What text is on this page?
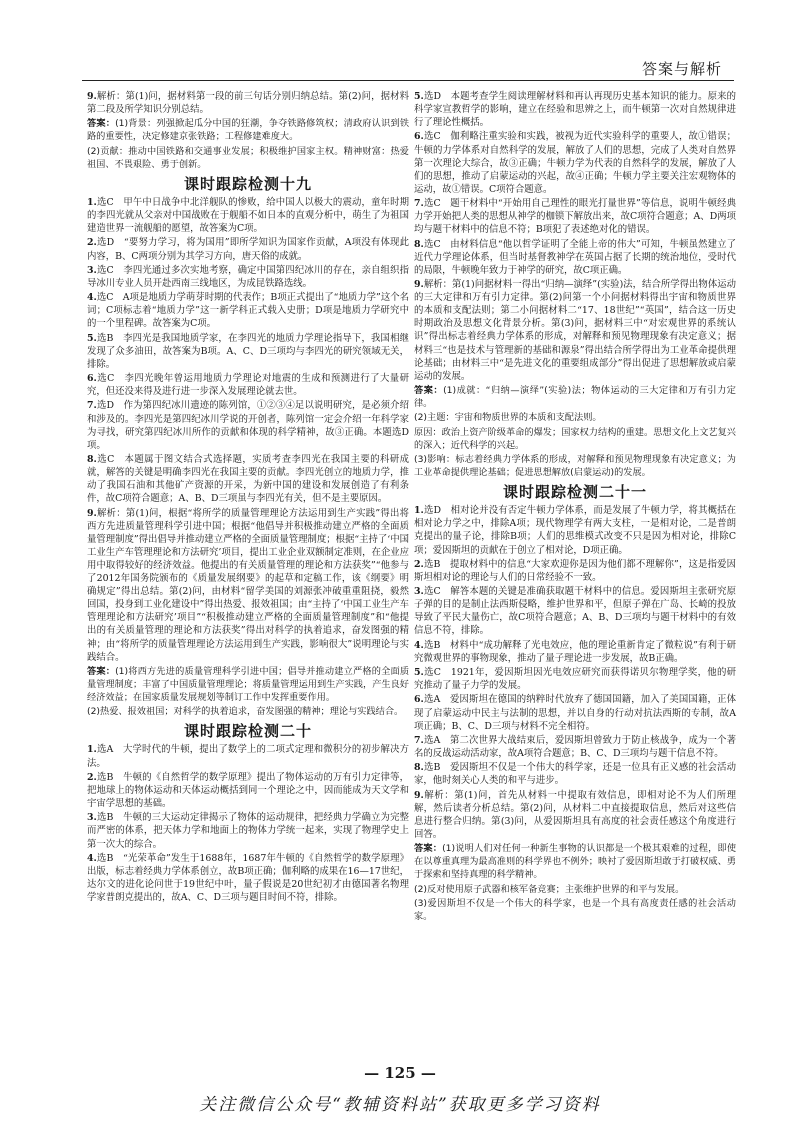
答案与解析
9.解析：第(1)问，据材料第一段的前三句话分别归纳总结。第(2)问，据材料第二段及所学知识分别总结。
答案：(1)背景：列强掀起瓜分中国的狂潮，争夺铁路修筑权；清政府认识到铁路的重要性，决定修建京张铁路；工程修建难度大。
(2)贡献：推动中国铁路和交通事业发展；积极维护国家主权。精神财富：热爱祖国、不畏艰险、勇于创新。
课时跟踪检测十九
1.选C　甲午中日战争中北洋舰队的惨败，给中国人以极大的震动，童年时期的李四光就从父亲对中国战败在于舰船不如日本的直观分析中，萌生了为祖国建造世界一流舰船的愿望，故答案为C项。
2.选D　“要努力学习，将为国用”即所学知识为国家作贡献，A项没有体现此内容，B、C两项分别为其学习方向，唐天俗的成就。
3.选C　李四光通过多次实地考察，确定中国第四纪冰川的存在，亲自组织指导冰川专业人员开赴西南三线地区，为成昆铁路选线。
4.选C　A项是地质力学萌芽时期的代表作；B项正式提出了“地质力学”这个名词；C项标志着“地质力学”这一新学科正式载入史册；D项是地质力学研究中的一个里程碑。故答案为C项。
5.选B　李四光是我国地质学家，在李四光的地质力学理论指导下，我国相继发现了众多油田，故答案为B项。A、C、D三项均与李四光的研究领域无关，排除。
6.选C　李四光晚年曾运用地质力学理论对地震的生成和预测进行了大量研究，但还没来得及进行进一步深入发展理论就去世。
7.选D　作为第四纪冰川遗迹的陈列馆，①②③④足以说明研究，是必须介绍和涉及的。李四光是第四纪冰川学说的开创者，陈列馆一定会介绍一年科学家为寻找，研究第四纪冰川所作的贡献和体现的科学精神，故③正确。本题选D项。
8.选C　本题属于图文结合式选择题，实质考查李四光在我国主要的科研成就，解答的关键是明确李四光在我国主要的贡献。李四光创立的地质力学，推动了我国石油和其他矿产资源的开采，为新中国的建设和发展创造了有利条件，故C项符合题意；A、B、D三项虽与李四光有关，但不是主要原因。
9.解析：第(1)问，根据“将所学的质量管理理论方法运用到生产实践”得出将西方先进质量管理科学引进中国；根据“他倡导并积极推动建立严格的全面质量管理制度”得出倡导并推动建立严格的全面质量管理制度；根据“主持了‘中国工业生产车管理理论和方法研究’项目，提出工业企业双额制定准则，在企业应用中取得较好的经济效益。他提出的有关质量管理的理论和方法获奖”“他参与了2012年国务院颁布的《质量发展纲要》的起草和定稿工作，该《纲要》明确规定”得出总结。第(2)问，由材料“留学美国的刘源张冲破重重阻挠，毅然回国，投身到工业化建设中”得出热爱、报效祖国；由“主持了‘中国工业生产车管理理论和方法研究’项目”“积极推动建立严格的全面质量管理制度”和“他提出的有关质量管理的理论和方法获奖”得出对科学的执着追求，奋发图强的精神；由“将所学的质量管理理论方法运用到生产实践，影响很大”说明理论与实践结合。
答案：(1)将西方先进的质量管理科学引进中国；倡导并推动建立严格的全面质量管理制度；丰富了中国质量管理理论；将质量管理运用到生产实践，产生良好经济效益；在国家质量发展规划等制订工作中发挥重要作用。
(2)热爱、报效祖国；对科学的执着追求，奋发图强的精神；理论与实践结合。
课时跟踪检测二十
1.选A　大学时代的牛顿，提出了数学上的二项式定理和微积分的初步解决方法。
2.选B　牛顿的《自然哲学的数学原理》提出了物体运动的万有引力定律等，把地球上的物体运动和天体运动概括到同一个理论之中，因而能成为天文学和宇宙学思想的基础。
3.选B　牛顿的三大运动定律揭示了物体的运动规律，把经典力学确立为完整而严密的体系，把天体力学和地面上的物体力学统一起来，实现了物理学史上第一次大的综合。
4.选B　“光荣革命”发生于1688年，1687年牛顿的《自然哲学的数学原理》出版，标志着经典力学体系创立，故B项正确；伽利略的成果在16—17世纪，达尔文的进化论问世于19世纪中叶，量子假说是20世纪初才由德国著名物理学家普朗克提出的，故A、C、D三项与题目时间不符，排除。
5.选D　本题考查学生阅读理解材料和再认再现历史基本知识的能力。原来的科学家宣教哲学的影响，建立在经验和思辨之上，而牛顿第一次对自然规律进行了理论性概括。
6.选C　伽利略注重实验和实践，被视为近代实验科学的重要人，故①错误；牛顿的力学体系对自然科学的发展，解放了人们的思想，完成了人类对自然界第一次理论大综合，故③正确；牛顿力学为代表的自然科学的发展，解放了人们的思想，推动了启蒙运动的兴起，故④正确；牛顿力学主要关注宏观物体的运动，故①错误。C项符合题意。
7.选C　题干材料中“开始用自己理性的眼光打量世界”等信息，说明牛顿经典力学开始把人类的思想从神学的枷锁下解放出来，故C项符合题意；A、D两项均与题干材料中的信息不符；B项犯了表述绝对化的错误。
8.选C　由材料信息“他以哲学证明了全能上帝的伟大”可知，牛顿虽然建立了近代力学理论体系，但当时基督教神学在英国占据了长期的统治地位，受时代的局限，牛顿晚年致力于神学的研究，故C项正确。
9.解析：第(1)问据材料一得出“归纳—演绎”(实验)法，结合所学得出物体运动的三大定律和万有引力定律。第(2)问第一个小问据材料得出宇宙和物质世界的本质和支配法则；第二小问据材料二“17、18世纪”“英国”，结合这一历史时期政治及思想文化背景分析。第(3)问，据材料三中“对宏观世界的系统认识”得出标志着经典力学体系的形成，对解释和预见物理现象有决定意义；据材料三“也是技术与管理新的基础和源泉”得出结合所学得出为工业革命提供理论基础；由材料三中“是先进文化的重要组成部分”得出促进了思想解放或启蒙运动的发展。
答案：(1)成就：“归纳—演绎”(实验)法；物体运动的三大定律和万有引力定律。
(2)主题：宇宙和物质世界的本质和支配法则。
原因：政治上资产阶级革命的爆发；国家权力结构的重建。思想文化上文艺复兴的深入；近代科学的兴起。
(3)影响：标志着经典力学体系的形成，对解释和预见物理现象有决定意义；为工业革命提供理论基础；促进思想解放(启蒙运动)的发展。
课时跟踪检测二十一
1.选D　相对论并没有否定牛顿力学体系，而是发展了牛顿力学，将其概括在相对论力学之中，排除A项；现代物理学有两大支柱，一是相对论，二是普朗克提出的量子论，排除B项；人们的思维模式改变不只是因为相对论，排除C项；爱因斯坦的贡献在于创立了相对论，D项正确。
2.选B　提取材料中的信息“大家欢迎你是因为他们都不理解你”，这是指爱因斯坦相对论的理论与人们的日常经验不一致。
3.选C　解答本题的关键是准确获取题干材料中的信息。爱因斯坦主张研究原子弹的目的是制止法西斯侵略，维护世界和平，但原子弹在广岛、长崎的投放导致了平民大量伤亡，故C项符合题意；A、B、D三项均与题干材料中的有效信息不符，排除。
4.选B　材料中“成功解释了光电效应，他的理论重新肯定了微粒说”有利于研究微观世界的事物现象，推动了量子理论进一步发展，故B正确。
5.选C　1921年，爱因斯坦因光电效应研究而获得诺贝尔物理学奖，他的研究推动了量子力学的发展。
6.选A　爱因斯坦在德国的纳粹时代放弃了德国国籍，加入了美国国籍，正体现了启蒙运动中民主与法制的思想，并以自身的行动对抗法西斯的专制，故A项正确；B、C、D三项与材料不完全相符。
7.选A　第二次世界大战结束后，爱因斯坦曾致力于防止核战争，成为一个著名的反战运动活动家，故A项符合题意；B、C、D三项均与题干信息不符。
8.选B　爱因斯坦不仅是一个伟大的科学家，还是一位具有正义感的社会活动家，他时刻关心人类的和平与进步。
9.解析：第(1)问，首先从材料一中提取有效信息，即相对论不为人们所理解，然后读者分析总结。第(2)问，从材料二中直接提取信息，然后对这些信息进行整合归纳。第(3)问，从爱因斯坦具有高度的社会责任感这个角度进行回答。
答案：(1)说明人们对任何一种新生事物的认识都是一个极其艰难的过程，即使在以尊重真理为最高准则的科学界也不例外；映衬了爱因斯坦敢于打破权威、勇于探索和坚持真理的科学精神。
(2)反对使用原子武器和核军备竞赛；主张维护世界的和平与发展。
(3)爱因斯坦不仅是一个伟大的科学家，也是一个具有高度责任感的社会活动家。
— 125 —
关注微信公众号“教辅资料站”获取更多学习资料
